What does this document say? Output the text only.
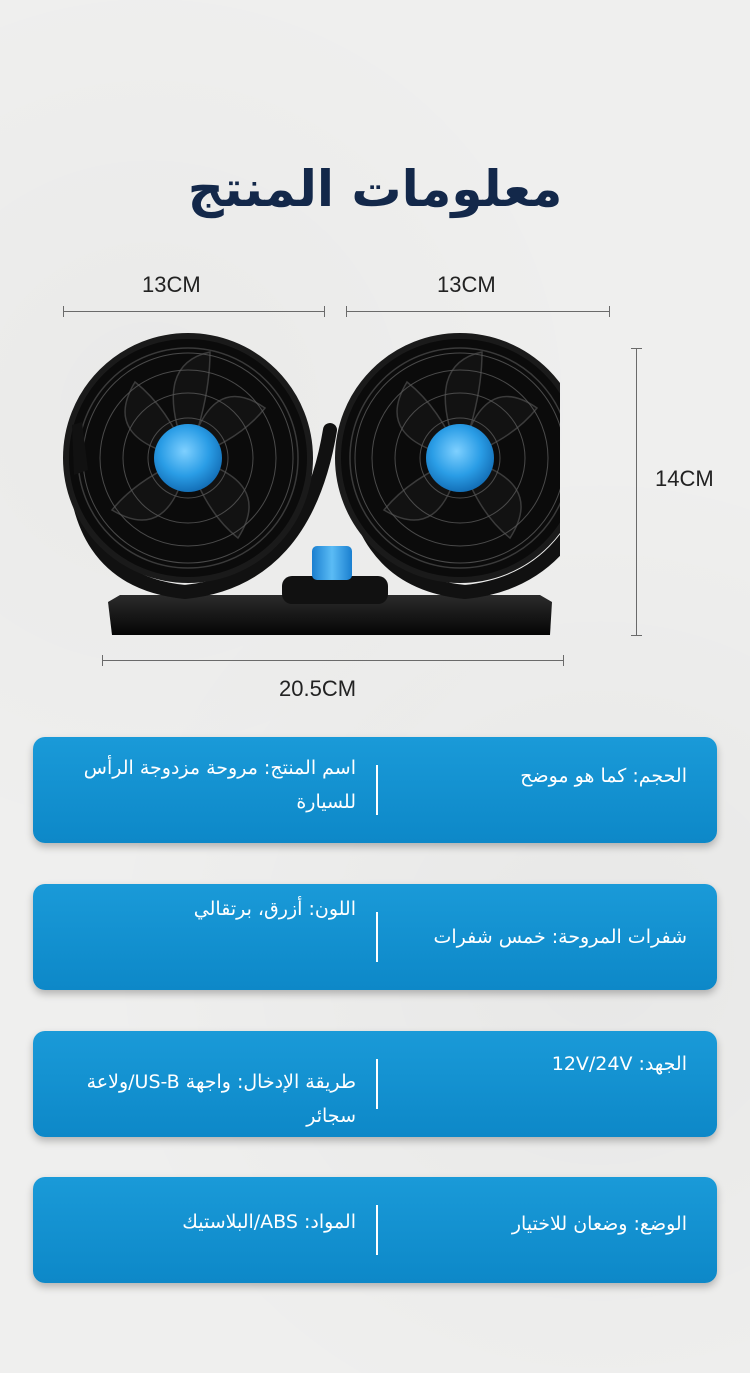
معلومات المنتج
13CM	13CM
14CM
20.5CM
الحجم: كما هو موضح
اسم المنتج: مروحة مزدوجة الرأس للسيارة
شفرات المروحة: خمس شفرات
اللون: أزرق، برتقالي
الجهد: 12V/24V
طريقة الإدخال: واجهة US-B/ولاعة سجائر
الوضع: وضعان للاختيار
المواد: ABS/البلاستيك
